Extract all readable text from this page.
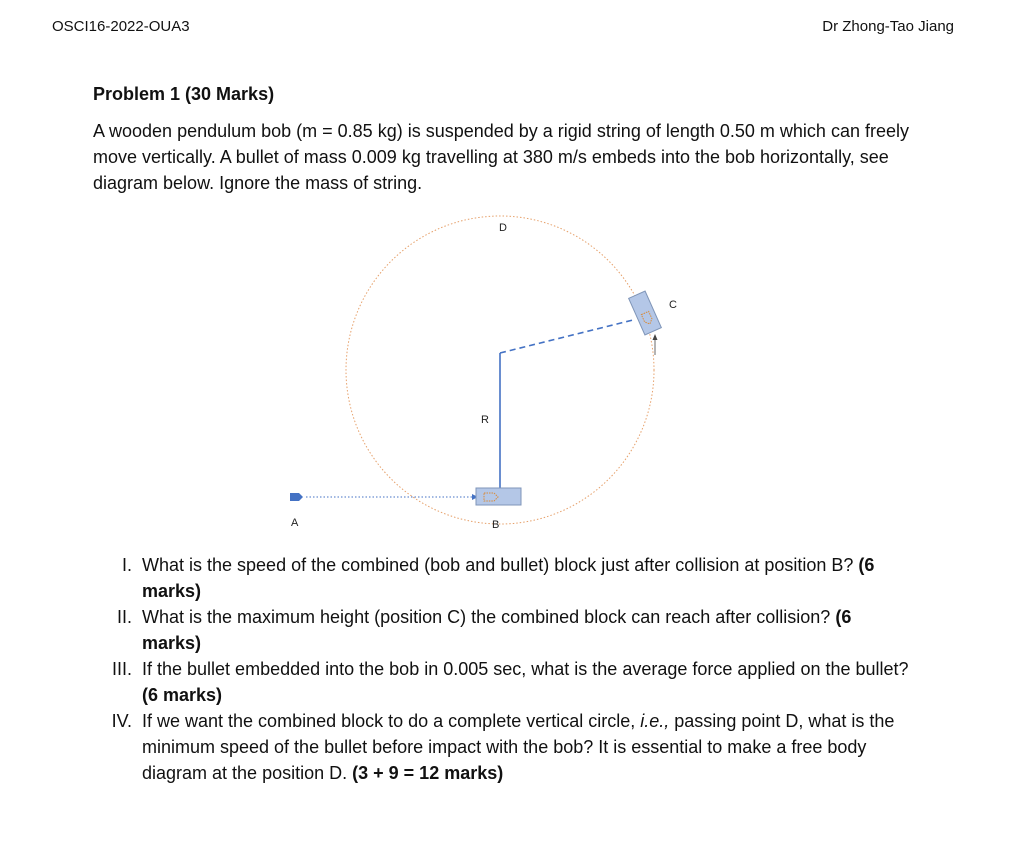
OSCI16-2022-OUA3	Dr Zhong-Tao Jiang
Problem 1 (30 Marks)
A wooden pendulum bob (m = 0.85 kg) is suspended by a rigid string of length 0.50 m which can freely move vertically. A bullet of mass 0.009 kg travelling at 380 m/s embeds into the bob horizontally, see diagram below. Ignore the mass of string.
A	B
C
D
R
I. What is the speed of the combined (bob and bullet) block just after collision at position B? (6 marks)
II. What is the maximum height (position C) the combined block can reach after collision? (6 marks)
III. If the bullet embedded into the bob in 0.005 sec, what is the average force applied on the bullet? (6 marks)
IV. If we want the combined block to do a complete vertical circle, i.e., passing point D, what is the minimum speed of the bullet before impact with the bob? It is essential to make a free body diagram at the position D. (3 + 9 = 12 marks)
